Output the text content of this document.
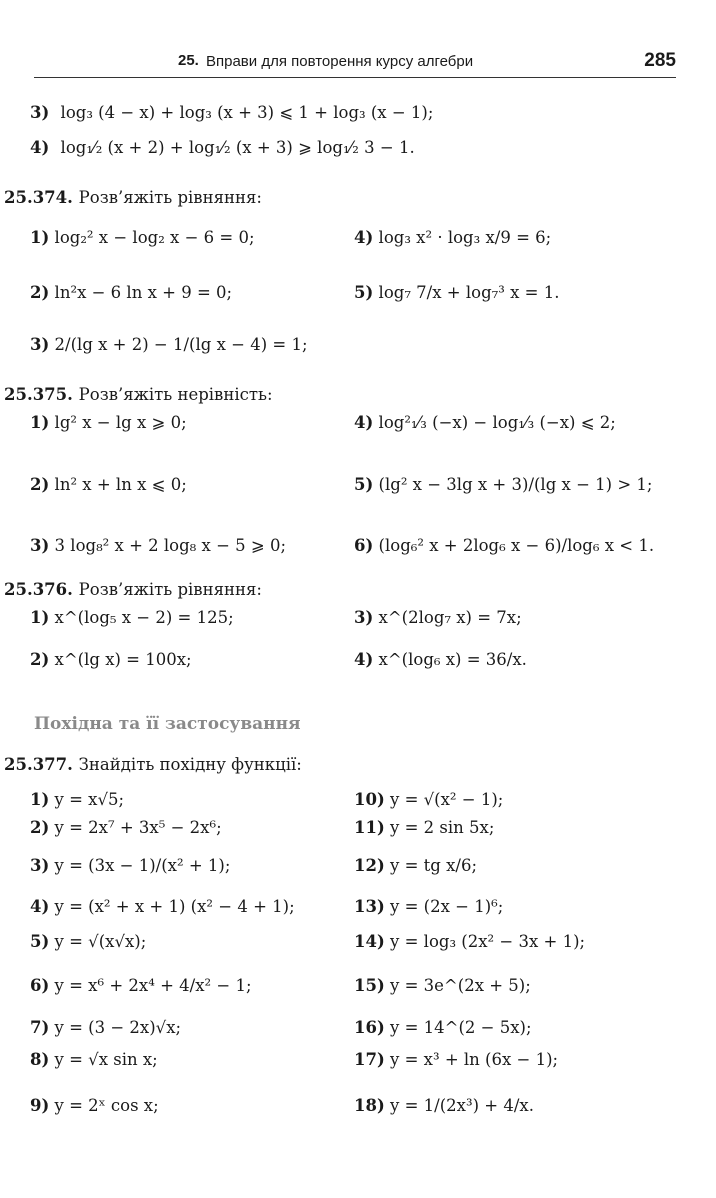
25. Вправи для повторення курсу алгебри	285
3) log₃ (4 − x) + log₃ (x + 3) ⩽ 1 + log₃ (x − 1);
4) log₁⁄₂ (x + 2) + log₁⁄₂ (x + 3) ⩾ log₁⁄₂ 3 − 1.
25.374. Розв’яжіть рівняння:
1) log₂² x − log₂ x − 6 = 0;	4) log₃ x² · log₃ x/9 = 6;
2) ln²x − 6 ln x + 9 = 0;	5) log₇ 7/x + log₇³ x = 1.
3) 2/(lg x + 2) − 1/(lg x − 4) = 1;
25.375. Розв’яжіть нерівність:
1) lg² x − lg x ⩾ 0;	4) log²₁⁄₃ (−x) − log₁⁄₃ (−x) ⩽ 2;
2) ln² x + ln x ⩽ 0;	5) (lg² x − 3lg x + 3)/(lg x − 1) > 1;
3) 3 log₈² x + 2 log₈ x − 5 ⩾ 0;	6) (log₆² x + 2log₆ x − 6)/log₆ x < 1.
25.376. Розв’яжіть рівняння:
1) x^(log₅ x − 2) = 125;	3) x^(2log₇ x) = 7x;
2) x^(lg x) = 100x;	4) x^(log₆ x) = 36/x.
Похідна та її застосування
25.377. Знайдіть похідну функції:
1) y = x√5;	10) y = √(x² − 1);
2) y = 2x⁷ + 3x⁵ − 2x⁶;	11) y = 2 sin 5x;
3) y = (3x − 1)/(x² + 1);	12) y = tg x/6;
4) y = (x² + x + 1) (x² − 4 + 1);	13) y = (2x − 1)⁶;
5) y = √(x√x);	14) y = log₃ (2x² − 3x + 1);
6) y = x⁶ + 2x⁴ + 4/x² − 1;	15) y = 3e^(2x + 5);
7) y = (3 − 2x)√x;	16) y = 14^(2 − 5x);
8) y = √x sin x;	17) y = x³ + ln (6x − 1);
9) y = 2ˣ cos x;	18) y = 1/(2x³) + 4/x.
